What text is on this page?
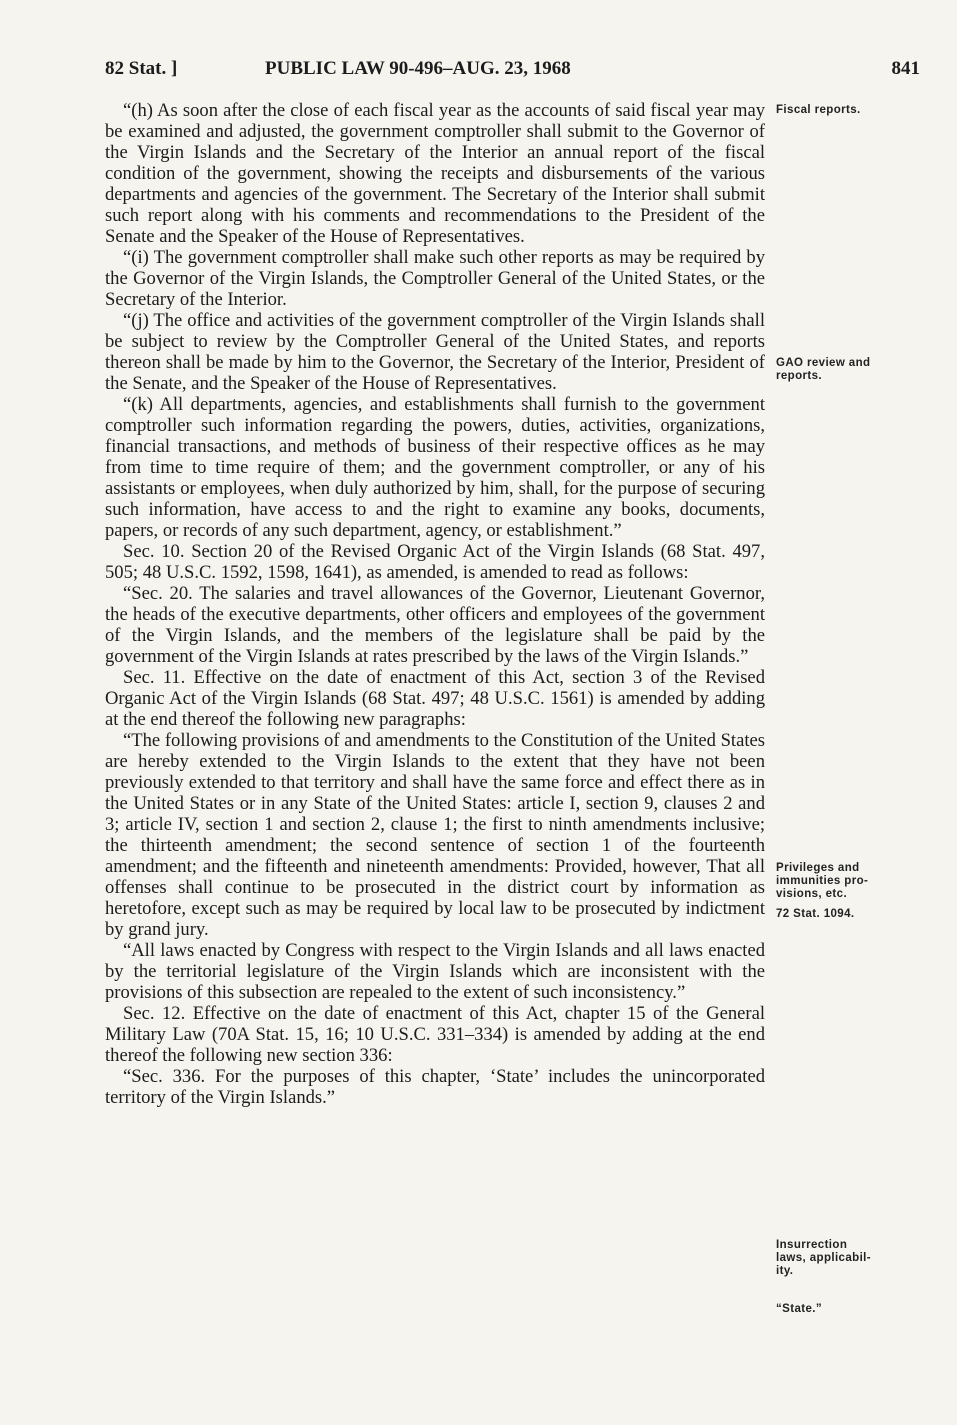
82 Stat. ]	PUBLIC LAW 90-496–AUG. 23, 1968	841

“(h) As soon after the close of each fiscal year as the accounts of said fiscal year may be examined and adjusted, the government comptroller shall submit to the Governor of the Virgin Islands and the Secretary of the Interior an annual report of the fiscal condition of the government, showing the receipts and disbursements of the various departments and agencies of the government. The Secretary of the Interior shall submit such report along with his comments and recommendations to the President of the Senate and the Speaker of the House of Representatives.

“(i) The government comptroller shall make such other reports as may be required by the Governor of the Virgin Islands, the Comptroller General of the United States, or the Secretary of the Interior.

“(j) The office and activities of the government comptroller of the Virgin Islands shall be subject to review by the Comptroller General of the United States, and reports thereon shall be made by him to the Governor, the Secretary of the Interior, President of the Senate, and the Speaker of the House of Representatives.

“(k) All departments, agencies, and establishments shall furnish to the government comptroller such information regarding the powers, duties, activities, organizations, financial transactions, and methods of business of their respective offices as he may from time to time require of them; and the government comptroller, or any of his assistants or employees, when duly authorized by him, shall, for the purpose of securing such information, have access to and the right to examine any books, documents, papers, or records of any such department, agency, or establishment.”

Sec. 10. Section 20 of the Revised Organic Act of the Virgin Islands (68 Stat. 497, 505; 48 U.S.C. 1592, 1598, 1641), as amended, is amended to read as follows:

“Sec. 20. The salaries and travel allowances of the Governor, Lieutenant Governor, the heads of the executive departments, other officers and employees of the government of the Virgin Islands, and the members of the legislature shall be paid by the government of the Virgin Islands at rates prescribed by the laws of the Virgin Islands.”

Sec. 11. Effective on the date of enactment of this Act, section 3 of the Revised Organic Act of the Virgin Islands (68 Stat. 497; 48 U.S.C. 1561) is amended by adding at the end thereof the following new paragraphs:

“The following provisions of and amendments to the Constitution of the United States are hereby extended to the Virgin Islands to the extent that they have not been previously extended to that territory and shall have the same force and effect there as in the United States or in any State of the United States: article I, section 9, clauses 2 and 3; article IV, section 1 and section 2, clause 1; the first to ninth amendments inclusive; the thirteenth amendment; the second sentence of section 1 of the fourteenth amendment; and the fifteenth and nineteenth amendments: Provided, however, That all offenses shall continue to be prosecuted in the district court by information as heretofore, except such as may be required by local law to be prosecuted by indictment by grand jury.

“All laws enacted by Congress with respect to the Virgin Islands and all laws enacted by the territorial legislature of the Virgin Islands which are inconsistent with the provisions of this subsection are repealed to the extent of such inconsistency.”

Sec. 12. Effective on the date of enactment of this Act, chapter 15 of the General Military Law (70A Stat. 15, 16; 10 U.S.C. 331–334) is amended by adding at the end thereof the following new section 336:

“Sec. 336. For the purposes of this chapter, ‘State’ includes the unincorporated territory of the Virgin Islands.”

Fiscal reports.
GAO review and
reports.
Privileges and
immunities pro-
visions, etc.
72 Stat. 1094.
Insurrection
laws, applicabil-
ity.
“State.”
